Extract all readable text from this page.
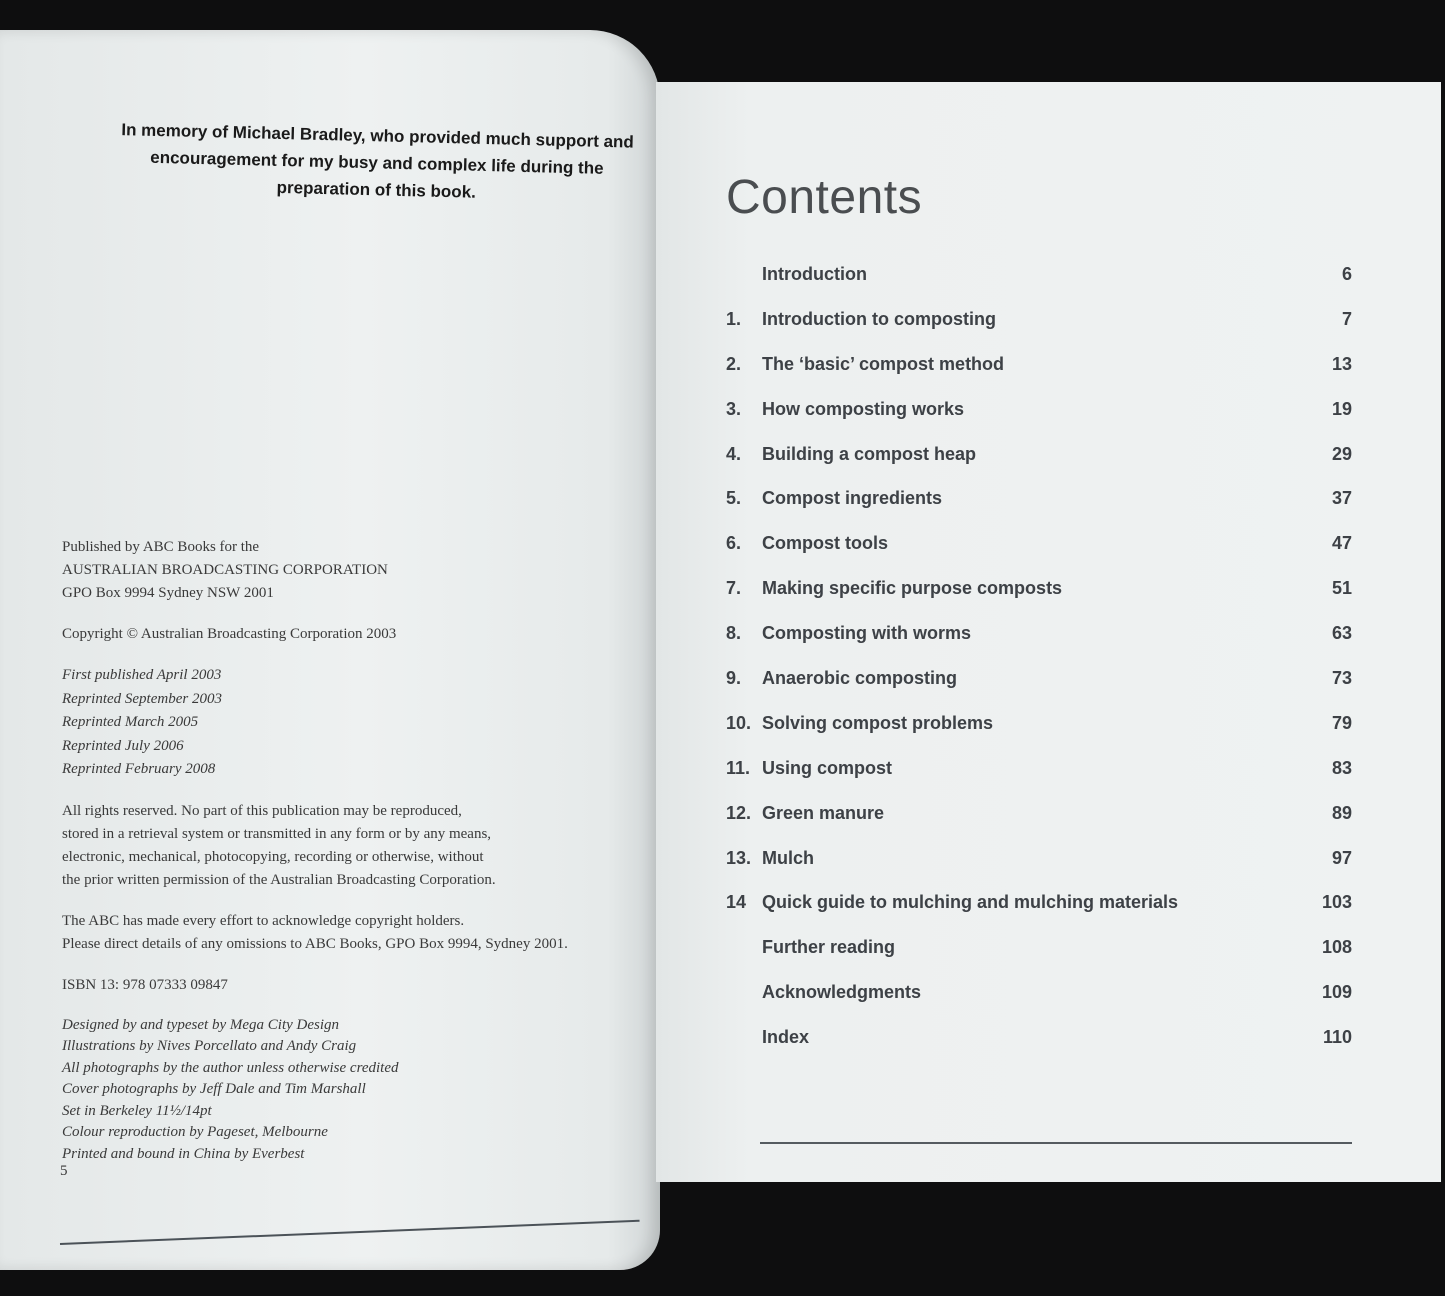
In memory of Michael Bradley, who provided much support and encouragement for my busy and complex life during the preparation of this book.

Published by ABC Books for the

AUSTRALIAN BROADCASTING CORPORATION

GPO Box 9994 Sydney NSW 2001

Copyright © Australian Broadcasting Corporation 2003

First published April 2003

Reprinted September 2003

Reprinted March 2005

Reprinted July 2006

Reprinted February 2008

All rights reserved. No part of this publication may be reproduced,

stored in a retrieval system or transmitted in any form or by any means,

electronic, mechanical, photocopying, recording or otherwise, without

the prior written permission of the Australian Broadcasting Corporation.

The ABC has made every effort to acknowledge copyright holders.

Please direct details of any omissions to ABC Books, GPO Box 9994, Sydney 2001.

ISBN 13: 978 07333 09847

Designed by and typeset by Mega City Design

Illustrations by Nives Porcellato and Andy Craig

All photographs by the author unless otherwise credited

Cover photographs by Jeff Dale and Tim Marshall

Set in Berkeley 11½/14pt

Colour reproduction by Pageset, Melbourne

Printed and bound in China by Everbest

5
Contents
Introduction	6
1.	Introduction to composting	7
2.	The ‘basic’ compost method	13
3.	How composting works	19
4.	Building a compost heap	29
5.	Compost ingredients	37
6.	Compost tools	47
7.	Making specific purpose composts	51
8.	Composting with worms	63
9.	Anaerobic composting	73
10. Solving compost problems	79
11. Using compost	83
12. Green manure	89
13. Mulch	97
14 Quick guide to mulching and mulching materials	103
Further reading	108
Acknowledgments	109
Index	110
